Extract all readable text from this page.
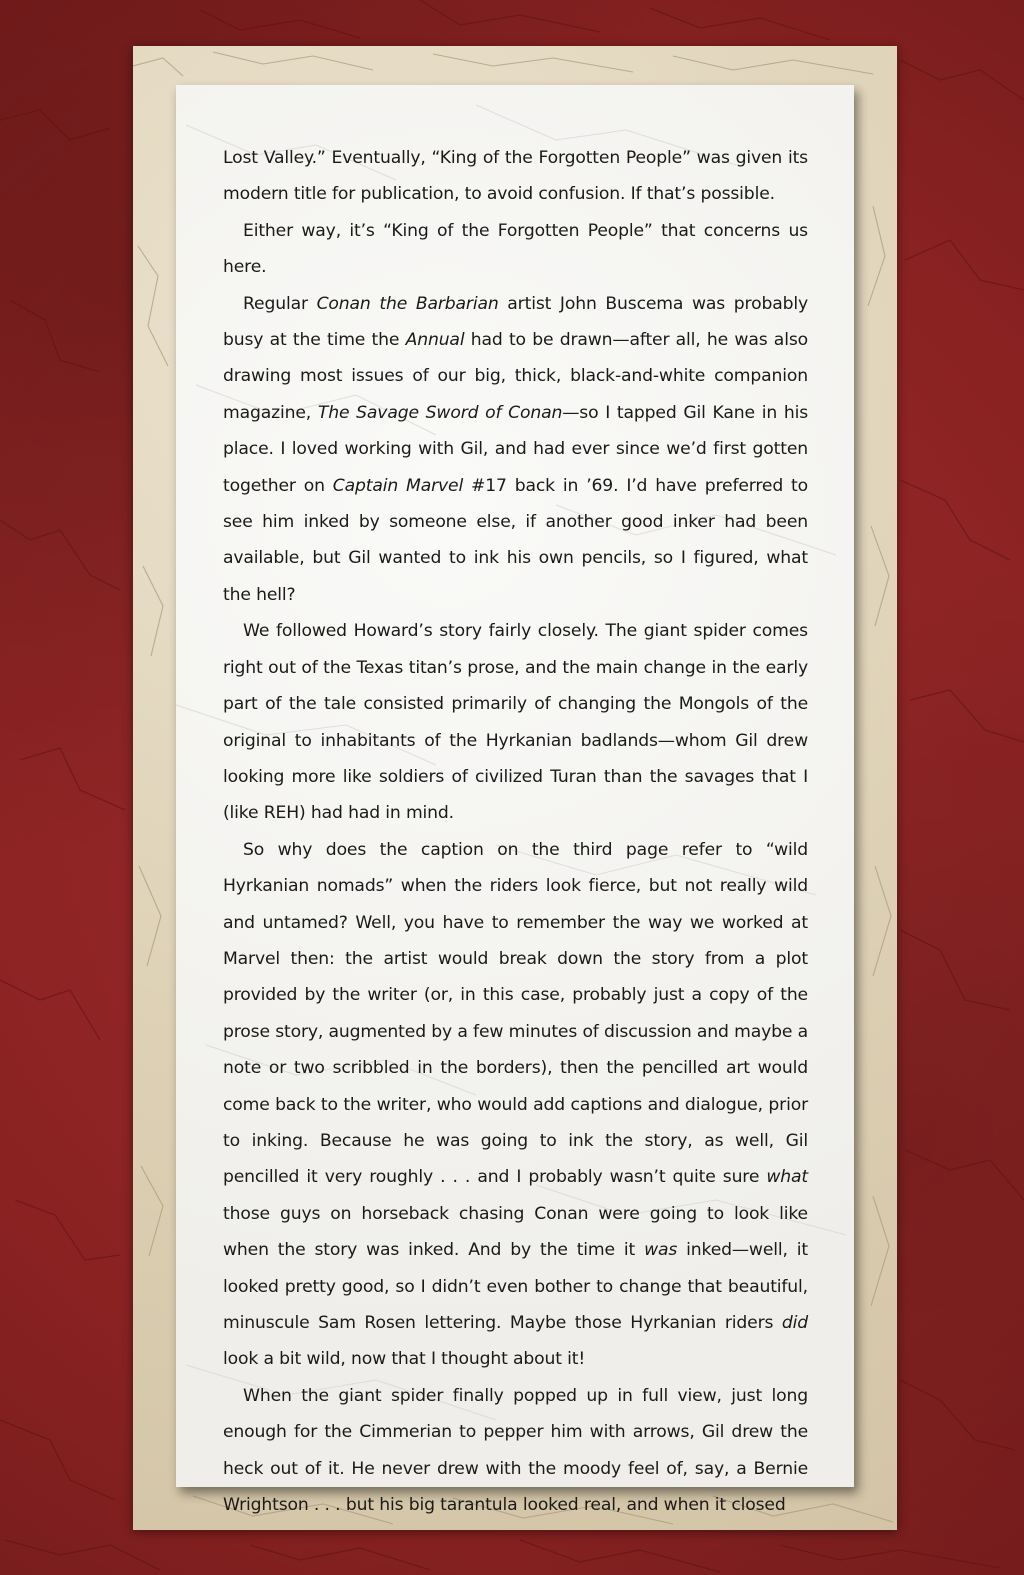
Lost Valley.” Eventually, “King of the Forgotten People” was given its modern title for publication, to avoid confusion. If that’s possible.

Either way, it’s “King of the Forgotten People” that concerns us here.

Regular Conan the Barbarian artist John Buscema was probably busy at the time the Annual had to be drawn—after all, he was also drawing most issues of our big, thick, black-and-white companion magazine, The Savage Sword of Conan—so I tapped Gil Kane in his place. I loved working with Gil, and had ever since we’d first gotten together on Captain Marvel #17 back in ’69. I’d have preferred to see him inked by someone else, if another good inker had been available, but Gil wanted to ink his own pencils, so I figured, what the hell?

We followed Howard’s story fairly closely. The giant spider comes right out of the Texas titan’s prose, and the main change in the early part of the tale consisted primarily of changing the Mongols of the original to inhabitants of the Hyrkanian badlands—whom Gil drew looking more like soldiers of civilized Turan than the savages that I (like REH) had had in mind.

So why does the caption on the third page refer to “wild Hyrkanian nomads” when the riders look fierce, but not really wild and untamed? Well, you have to remember the way we worked at Marvel then: the artist would break down the story from a plot provided by the writer (or, in this case, probably just a copy of the prose story, augmented by a few minutes of discussion and maybe a note or two scribbled in the borders), then the pencilled art would come back to the writer, who would add captions and dialogue, prior to inking. Because he was going to ink the story, as well, Gil pencilled it very roughly . . . and I probably wasn’t quite sure what those guys on horseback chasing Conan were going to look like when the story was inked. And by the time it was inked—well, it looked pretty good, so I didn’t even bother to change that beautiful, minuscule Sam Rosen lettering. Maybe those Hyrkanian riders did look a bit wild, now that I thought about it!

When the giant spider finally popped up in full view, just long enough for the Cimmerian to pepper him with arrows, Gil drew the heck out of it. He never drew with the moody feel of, say, a Bernie Wrightson . . . but his big tarantula looked real, and when it closed
